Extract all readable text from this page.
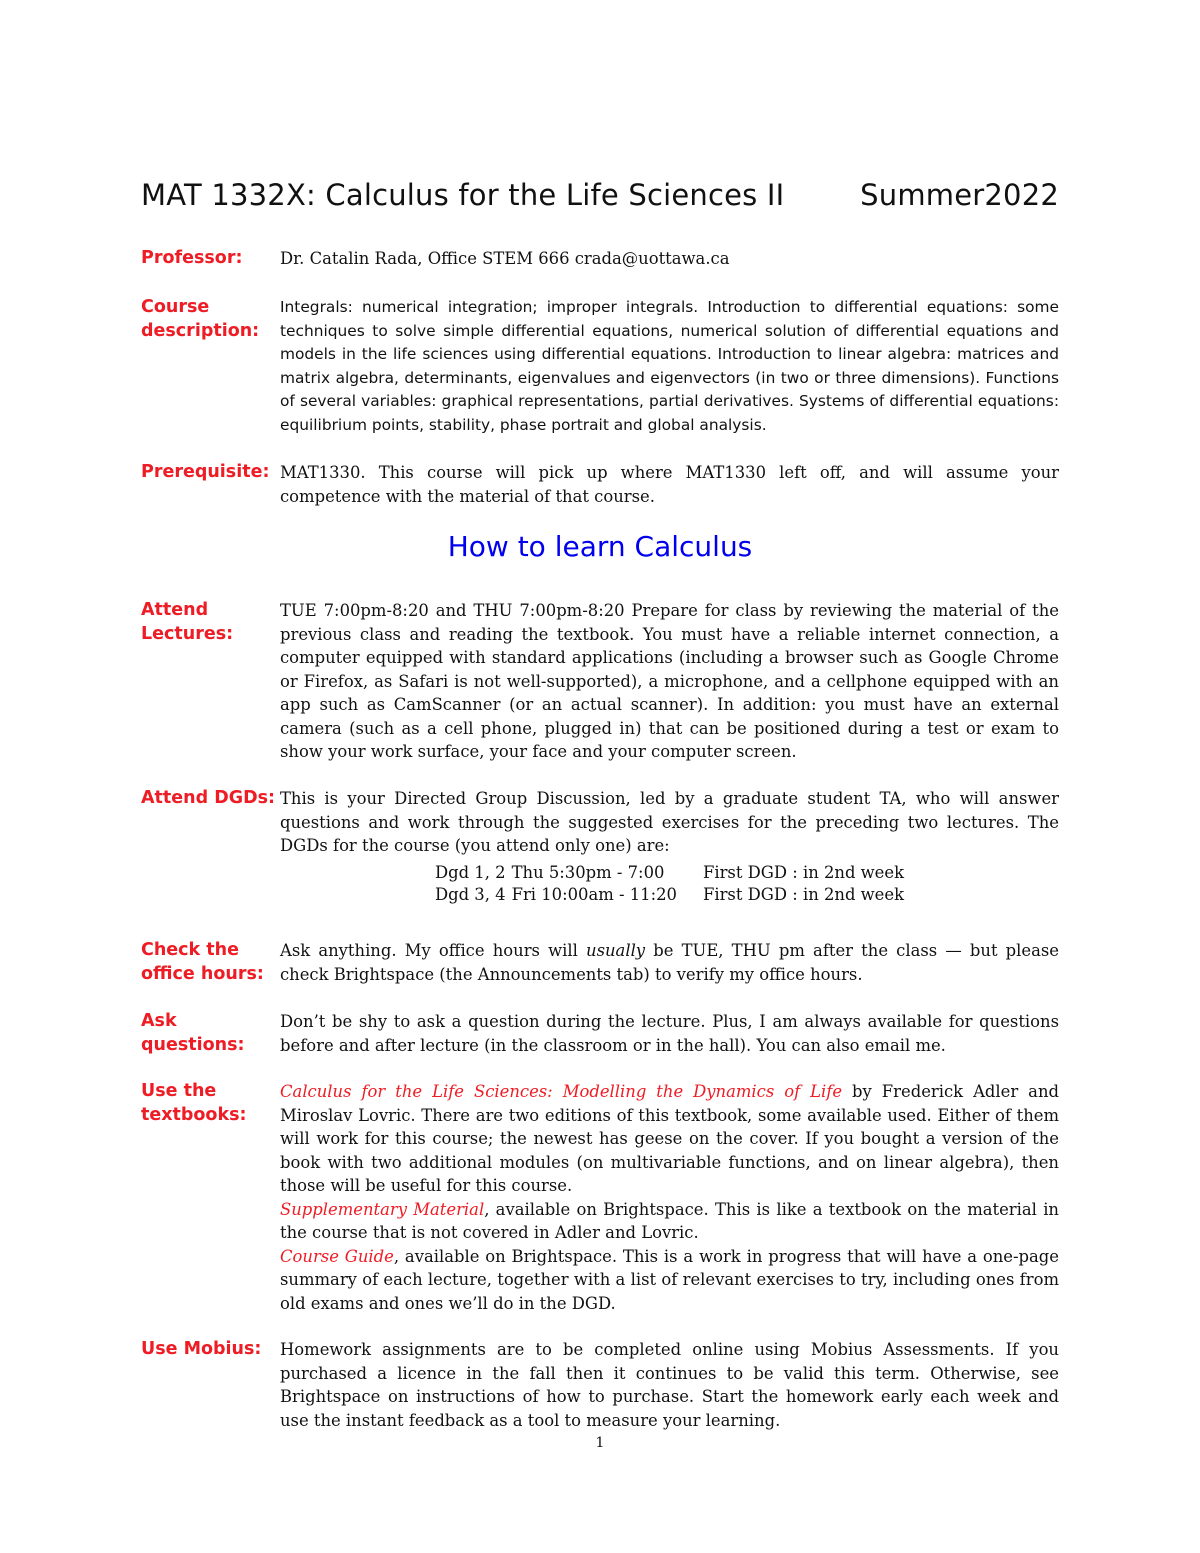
MAT 1332X: Calculus for the Life Sciences II	Summer2022
Professor:	Dr. Catalin Rada, Office STEM 666 crada@uottawa.ca
Course
description:
Integrals: numerical integration; improper integrals. Introduction to differential equations: some techniques to solve simple differential equations, numerical solution of differential equations and models in the life sciences using differential equations. Introduction to linear algebra: matrices and matrix algebra, determinants, eigenvalues and eigenvectors (in two or three dimensions). Functions of several variables: graphical representations, partial derivatives. Systems of differential equations: equilibrium points, stability, phase portrait and global analysis.
Prerequisite: MAT1330. This course will pick up where MAT1330 left off, and will assume your competence with the material of that course.
How to learn Calculus
Attend
Lectures:
TUE 7:00pm-8:20 and THU 7:00pm-8:20 Prepare for class by reviewing the material of the previous class and reading the textbook. You must have a reliable internet connection, a computer equipped with standard applications (including a browser such as Google Chrome or Firefox, as Safari is not well-supported), a microphone, and a cellphone equipped with an app such as CamScanner (or an actual scanner). In addition: you must have an external camera (such as a cell phone, plugged in) that can be positioned during a test or exam to show your work surface, your face and your computer screen.
Attend DGDs: This is your Directed Group Discussion, led by a graduate student TA, who will answer questions and work through the suggested exercises for the preceding two lectures. The DGDs for the course (you attend only one) are:

Dgd 1, 2	Thu 5:30pm - 7:00	First DGD : in 2nd week
Dgd 3, 4	Fri 10:00am - 11:20	First DGD : in 2nd week
Check the
office hours:
Ask anything. My office hours will usually be TUE, THU pm after the class — but please check Brightspace (the Announcements tab) to verify my office hours.
Ask questions:
Don’t be shy to ask a question during the lecture. Plus, I am always available for questions before and after lecture (in the classroom or in the hall). You can also email me.
Use the
textbooks:

Calculus for the Life Sciences: Modelling the Dynamics of Life by Frederick Adler and Miroslav Lovric. There are two editions of this textbook, some available used. Either of them will work for this course; the newest has geese on the cover. If you bought a version of the book with two additional modules (on multivariable functions, and on linear algebra), then those will be useful for this course.

Supplementary Material, available on Brightspace. This is like a textbook on the material in the course that is not covered in Adler and Lovric.

Course Guide, available on Brightspace. This is a work in progress that will have a one-page summary of each lecture, together with a list of relevant exercises to try, including ones from old exams and ones we’ll do in the DGD.

Use Mobius:	Homework assignments are to be completed online using Mobius Assessments. If you purchased a licence in the fall then it continues to be valid this term. Otherwise, see Brightspace on instructions of how to purchase. Start the homework early each week and use the instant feedback as a tool to measure your learning.
1
